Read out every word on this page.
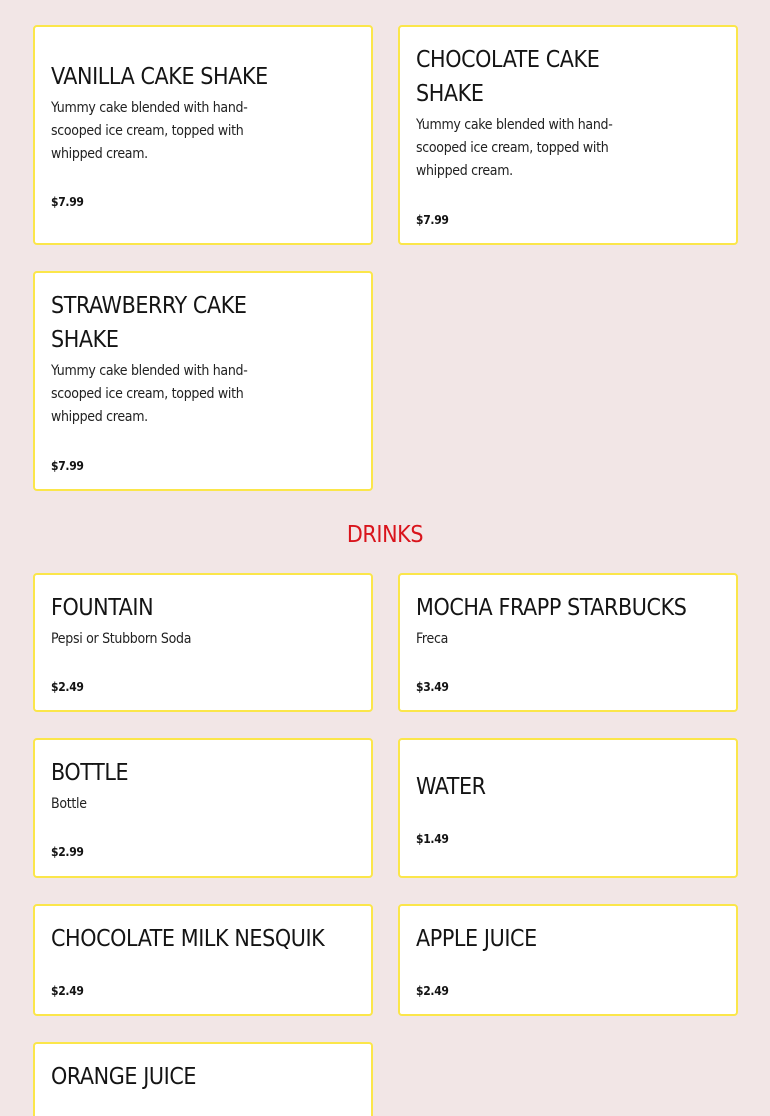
VANILLA CAKE SHAKE

Yummy cake blended with hand-
scooped ice cream, topped with
whipped cream.

$7.99

CHOCOLATE CAKE
SHAKE

Yummy cake blended with hand-
scooped ice cream, topped with
whipped cream.

$7.99

STRAWBERRY CAKE
SHAKE

Yummy cake blended with hand-
scooped ice cream, topped with
whipped cream.

$7.99

DRINKS
FOUNTAIN

Pepsi or Stubborn Soda

$2.49

MOCHA FRAPP STARBUCKS

Freca

$3.49

BOTTLE

Bottle

$2.99

WATER

$1.49

CHOCOLATE MILK NESQUIK

$2.49

APPLE JUICE

$2.49

ORANGE JUICE
